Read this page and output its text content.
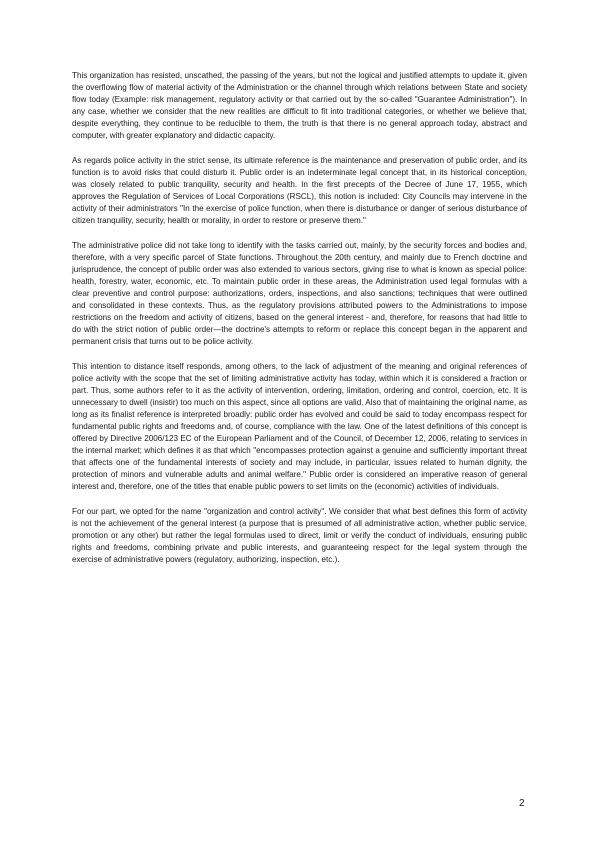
This organization has resisted, unscathed, the passing of the years, but not the logical and justified attempts to update it, given the overflowing flow of material activity of the Administration or the channel through which relations between State and society flow today (Example: risk management, regulatory activity or that carried out by the so-called "Guarantee Administration"). In any case, whether we consider that the new realities are difficult to fit into traditional categories, or whether we believe that, despite everything, they continue to be reducible to them, the truth is that there is no general approach today, abstract and computer, with greater explanatory and didactic capacity.

As regards police activity in the strict sense, its ultimate reference is the maintenance and preservation of public order, and its function is to avoid risks that could disturb it. Public order is an indeterminate legal concept that, in its historical conception, was closely related to public tranquility, security and health. In the first precepts of the Decree of June 17, 1955, which approves the Regulation of Services of Local Corporations (RSCL), this notion is included: City Councils may intervene in the activity of their administrators "In the exercise of police function, when there is disturbance or danger of serious disturbance of citizen tranquility, security, health or morality, in order to restore or preserve them."

The administrative police did not take long to identify with the tasks carried out, mainly, by the security forces and bodies and, therefore, with a very specific parcel of State functions. Throughout the 20th century, and mainly due to French doctrine and jurisprudence, the concept of public order was also extended to various sectors, giving rise to what is known as special police: health, forestry, water, economic, etc. To maintain public order in these areas, the Administration used legal formulas with a clear preventive and control purpose: authorizations, orders, inspections, and also sanctions; techniques that were outlined and consolidated in these contexts. Thus, as the regulatory provisions attributed powers to the Administrations to impose restrictions on the freedom and activity of citizens, based on the general interest - and, therefore, for reasons that had little to do with the strict notion of public order—the doctrine's attempts to reform or replace this concept began in the apparent and permanent crisis that turns out to be police activity.

This intention to distance itself responds, among others, to the lack of adjustment of the meaning and original references of police activity with the scope that the set of limiting administrative activity has today, within which it is considered a fraction or part. Thus, some authors refer to it as the activity of intervention, ordering, limitation, ordering and control, coercion, etc. It is unnecessary to dwell (insistir) too much on this aspect, since all options are valid. Also that of maintaining the original name, as long as its finalist reference is interpreted broadly: public order has evolved and could be said to today encompass respect for fundamental public rights and freedoms and, of course, compliance with the law. One of the latest definitions of this concept is offered by Directive 2006/123 EC of the European Parliament and of the Council, of December 12, 2006, relating to services in the internal market; which defines it as that which "encompasses protection against a genuine and sufficiently important threat that affects one of the fundamental interests of society and may include, in particular, issues related to human dignity, the protection of minors and vulnerable adults and animal welfare." Public order is considered an imperative reason of general interest and, therefore, one of the titles that enable public powers to set limits on the (economic) activities of individuals.

For our part, we opted for the name "organization and control activity". We consider that what best defines this form of activity is not the achievement of the general interest (a purpose that is presumed of all administrative action, whether public service, promotion or any other) but rather the legal formulas used to direct, limit or verify the conduct of individuals, ensuring public rights and freedoms, combining private and public interests, and guaranteeing respect for the legal system through the exercise of administrative powers (regulatory, authorizing, inspection, etc.).

2
